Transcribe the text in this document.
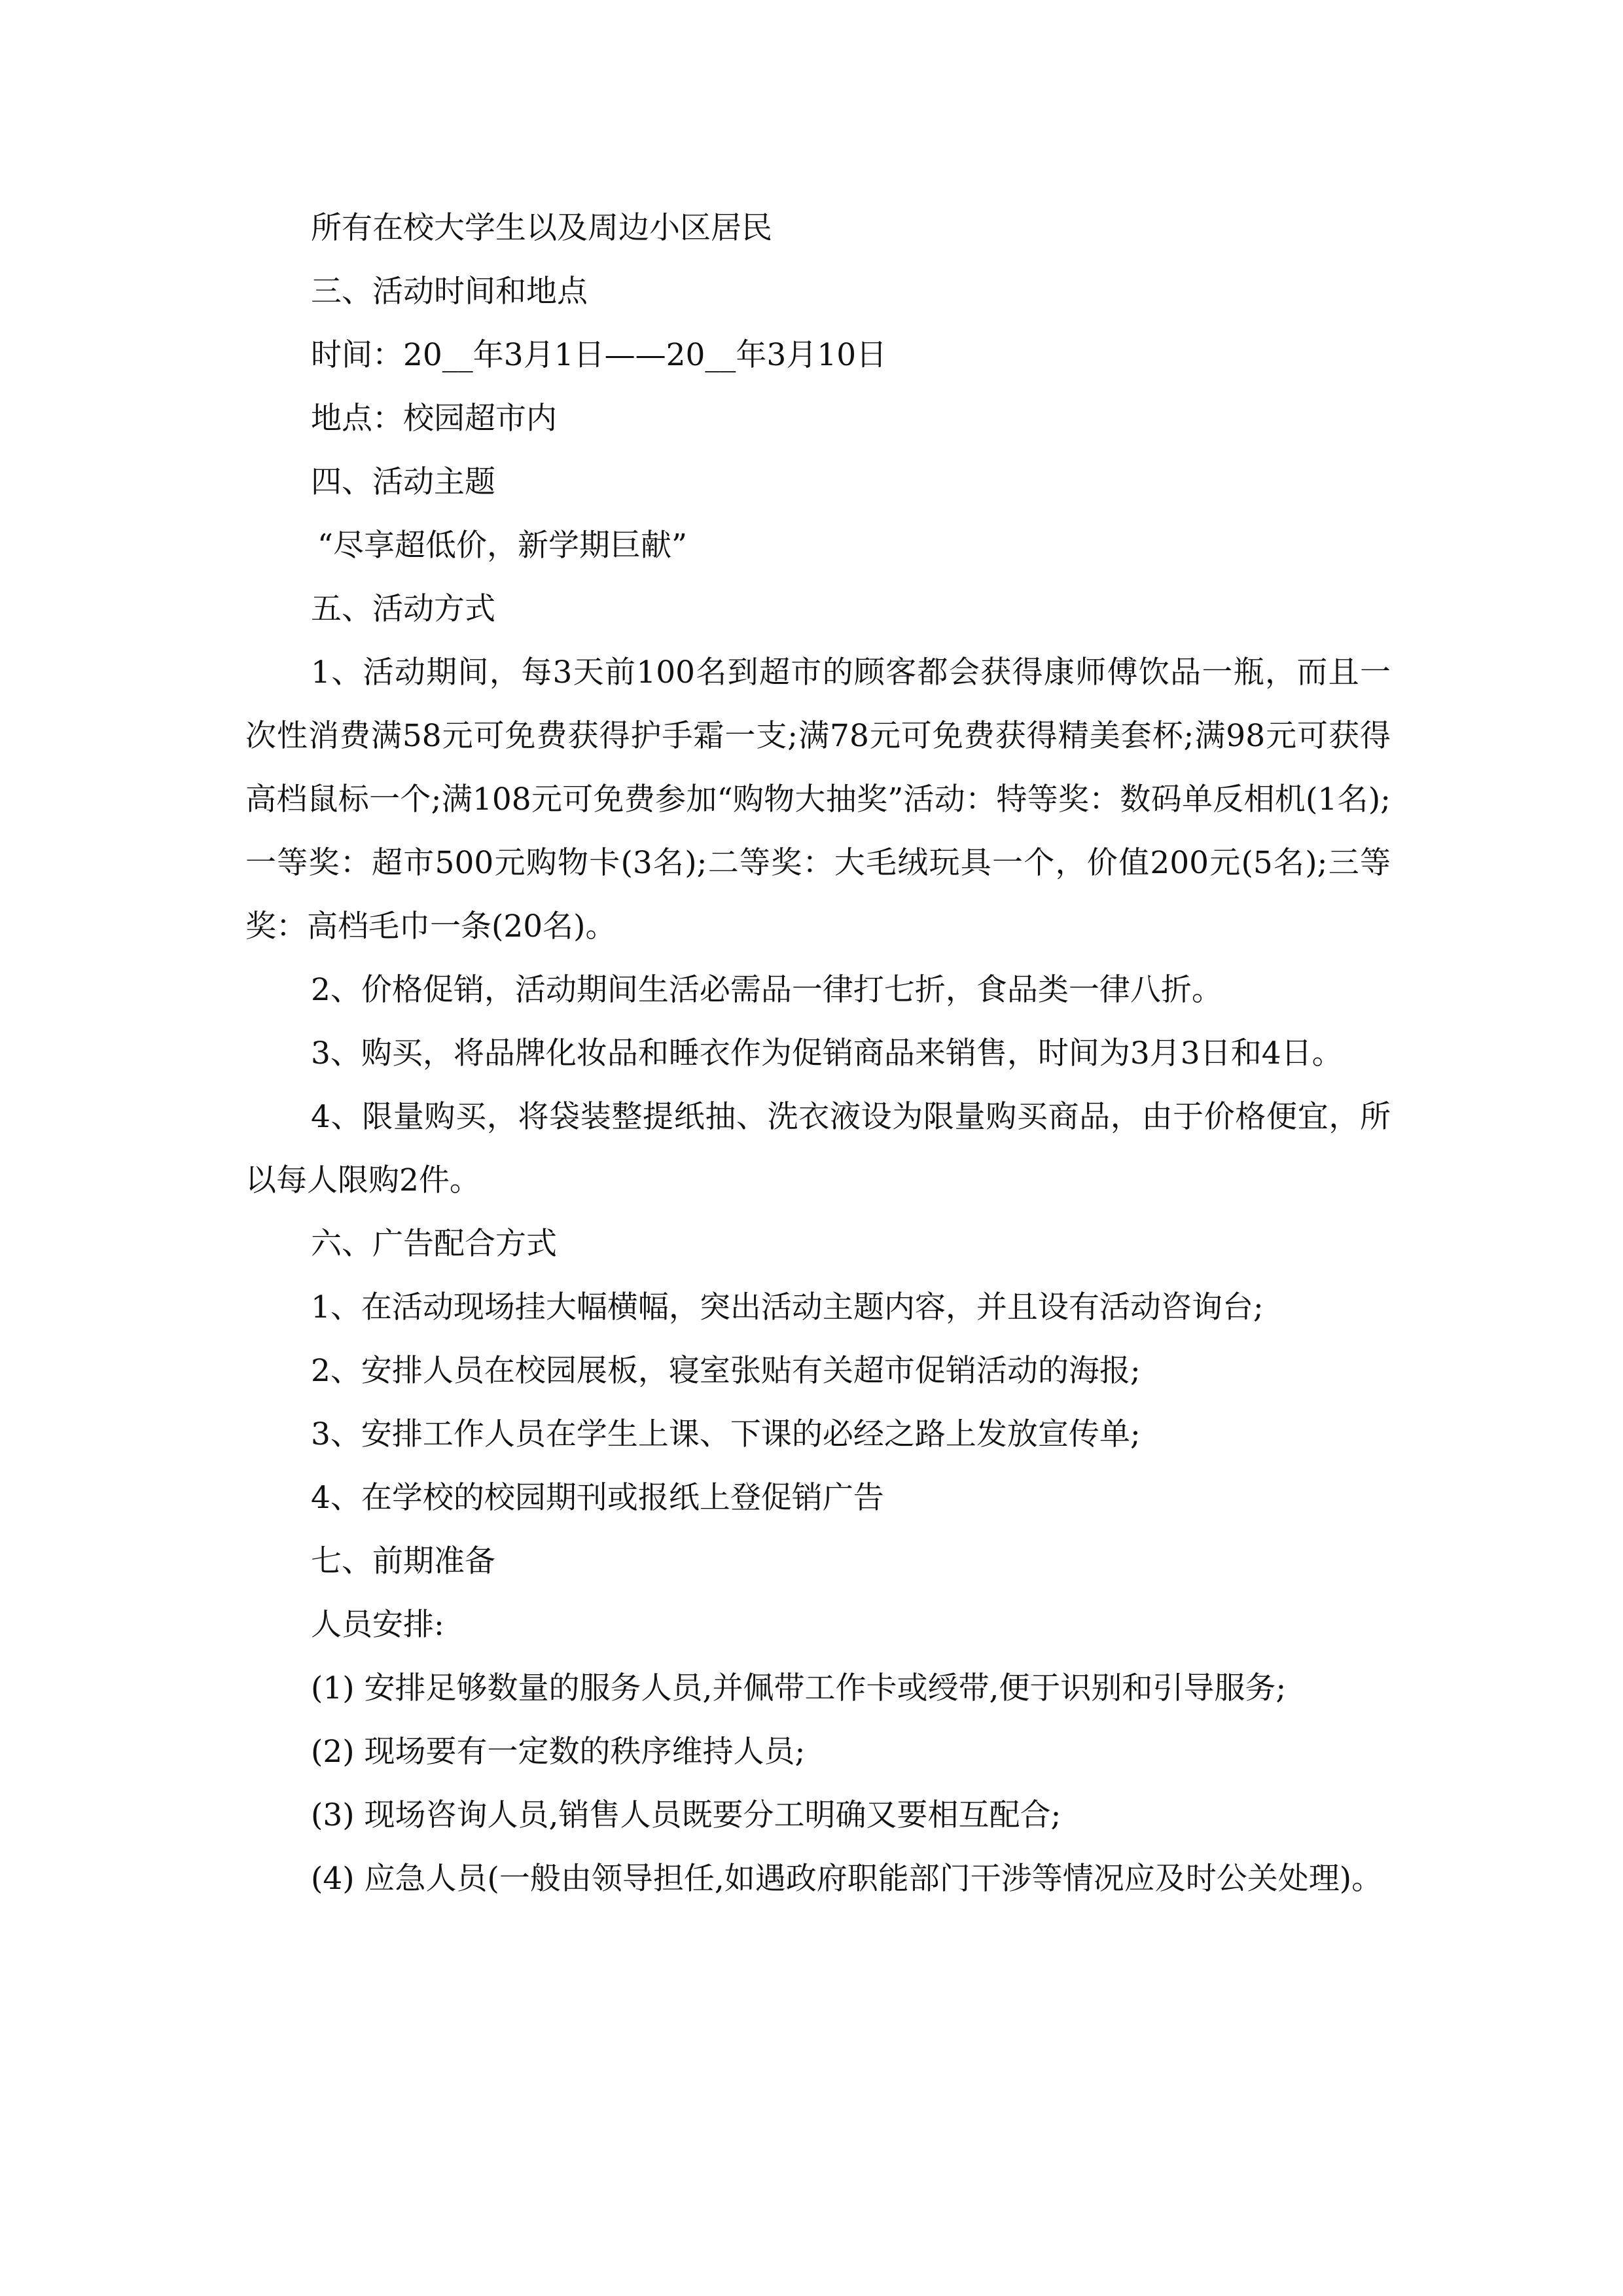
所有在校大学生以及周边小区居民

三、活动时间和地点

时间：20__年3月1日——20__年3月10日

地点：校园超市内

四、活动主题

“尽享超低价，新学期巨献”

五、活动方式

1、活动期间，每3天前100名到超市的顾客都会获得康师傅饮品一瓶，而且一次性消费满58元可免费获得护手霜一支;满78元可免费获得精美套杯;满98元可获得高档鼠标一个;满108元可免费参加“购物大抽奖”活动：特等奖：数码单反相机(1名);一等奖：超市500元购物卡(3名);二等奖：大毛绒玩具一个，价值200元(5名);三等奖：高档毛巾一条(20名)。

2、价格促销，活动期间生活必需品一律打七折，食品类一律八折。

3、购买，将品牌化妆品和睡衣作为促销商品来销售，时间为3月3日和4日。

4、限量购买，将袋装整提纸抽、洗衣液设为限量购买商品，由于价格便宜，所以每人限购2件。

六、广告配合方式

1、在活动现场挂大幅横幅，突出活动主题内容，并且设有活动咨询台;

2、安排人员在校园展板，寝室张贴有关超市促销活动的海报;

3、安排工作人员在学生上课、下课的必经之路上发放宣传单;

4、在学校的校园期刊或报纸上登促销广告

七、前期准备

人员安排:

(1) 安排足够数量的服务人员,并佩带工作卡或绶带,便于识别和引导服务;

(2) 现场要有一定数的秩序维持人员;

(3) 现场咨询人员,销售人员既要分工明确又要相互配合;

(4) 应急人员(一般由领导担任,如遇政府职能部门干涉等情况应及时公关处理)。
